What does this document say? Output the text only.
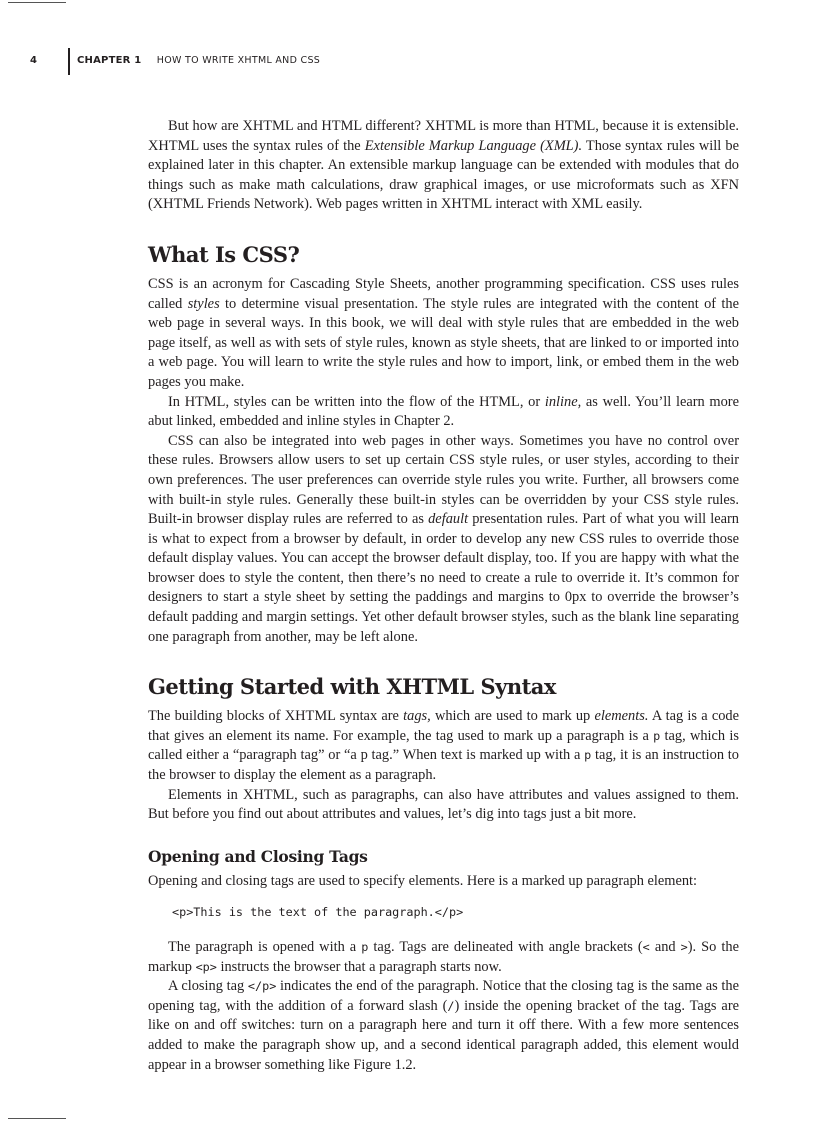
4	CHAPTER 1 HOW TO WRITE XHTML AND CSS

But how are XHTML and HTML different? XHTML is more than HTML, because it is extensible. XHTML uses the syntax rules of the Extensible Markup Language (XML). Those syntax rules will be explained later in this chapter. An extensible markup language can be extended with modules that do things such as make math calculations, draw graphical images, or use microformats such as XFN (XHTML Friends Network). Web pages written in XHTML interact with XML easily.

What Is CSS?

CSS is an acronym for Cascading Style Sheets, another programming specification. CSS uses rules called styles to determine visual presentation. The style rules are integrated with the content of the web page in several ways. In this book, we will deal with style rules that are embedded in the web page itself, as well as with sets of style rules, known as style sheets, that are linked to or imported into a web page. You will learn to write the style rules and how to import, link, or embed them in the web pages you make.

In HTML, styles can be written into the flow of the HTML, or inline, as well. You’ll learn more abut linked, embedded and inline styles in Chapter 2.

CSS can also be integrated into web pages in other ways. Sometimes you have no control over these rules. Browsers allow users to set up certain CSS style rules, or user styles, according to their own preferences. The user preferences can override style rules you write. Further, all browsers come with built-in style rules. Generally these built-in styles can be overridden by your CSS style rules. Built-in browser display rules are referred to as default presentation rules. Part of what you will learn is what to expect from a browser by default, in order to develop any new CSS rules to override those default display values. You can accept the browser default display, too. If you are happy with what the browser does to style the content, then there’s no need to create a rule to override it. It’s common for designers to start a style sheet by setting the paddings and margins to 0px to override the browser’s default padding and margin settings. Yet other default browser styles, such as the blank line separating one paragraph from another, may be left alone.

Getting Started with XHTML Syntax

The building blocks of XHTML syntax are tags, which are used to mark up elements. A tag is a code that gives an element its name. For example, the tag used to mark up a paragraph is a p tag, which is called either a “paragraph tag” or “a p tag.” When text is marked up with a p tag, it is an instruction to the browser to display the element as a paragraph.

Elements in XHTML, such as paragraphs, can also have attributes and values assigned to them. But before you find out about attributes and values, let’s dig into tags just a bit more.

Opening and Closing Tags

Opening and closing tags are used to specify elements. Here is a marked up paragraph element:

<p>This is the text of the paragraph.</p>

The paragraph is opened with a p tag. Tags are delineated with angle brackets (< and >). So the markup <p> instructs the browser that a paragraph starts now.

A closing tag </p> indicates the end of the paragraph. Notice that the closing tag is the same as the opening tag, with the addition of a forward slash (/) inside the opening bracket of the tag. Tags are like on and off switches: turn on a paragraph here and turn it off there. With a few more sentences added to make the paragraph show up, and a second identical paragraph added, this element would appear in a browser something like Figure 1.2.
